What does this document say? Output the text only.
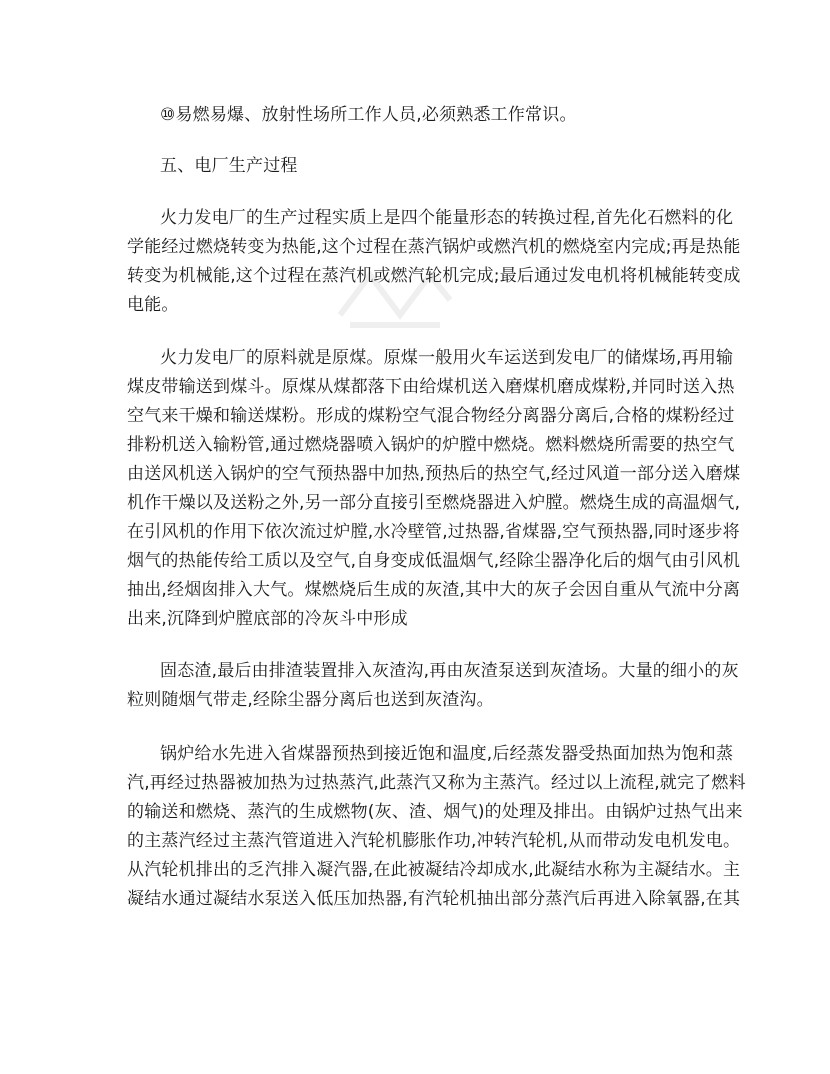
⑩易燃易爆、放射性场所工作人员,必须熟悉工作常识。
五、电厂生产过程
火力发电厂的生产过程实质上是四个能量形态的转换过程,首先化石燃料的化
学能经过燃烧转变为热能,这个过程在蒸汽锅炉或燃汽机的燃烧室内完成;再是热能
转变为机械能,这个过程在蒸汽机或燃汽轮机完成;最后通过发电机将机械能转变成
电能。
火力发电厂的原料就是原煤。原煤一般用火车运送到发电厂的储煤场,再用输
煤皮带输送到煤斗。原煤从煤都落下由给煤机送入磨煤机磨成煤粉,并同时送入热
空气来干燥和输送煤粉。形成的煤粉空气混合物经分离器分离后,合格的煤粉经过
排粉机送入输粉管,通过燃烧器喷入锅炉的炉膛中燃烧。燃料燃烧所需要的热空气
由送风机送入锅炉的空气预热器中加热,预热后的热空气,经过风道一部分送入磨煤
机作干燥以及送粉之外,另一部分直接引至燃烧器进入炉膛。燃烧生成的高温烟气,
在引风机的作用下依次流过炉膛,水冷壁管,过热器,省煤器,空气预热器,同时逐步将
烟气的热能传给工质以及空气,自身变成低温烟气,经除尘器净化后的烟气由引风机
抽出,经烟囱排入大气。煤燃烧后生成的灰渣,其中大的灰子会因自重从气流中分离
出来,沉降到炉膛底部的冷灰斗中形成
固态渣,最后由排渣装置排入灰渣沟,再由灰渣泵送到灰渣场。大量的细小的灰
粒则随烟气带走,经除尘器分离后也送到灰渣沟。
锅炉给水先进入省煤器预热到接近饱和温度,后经蒸发器受热面加热为饱和蒸
汽,再经过热器被加热为过热蒸汽,此蒸汽又称为主蒸汽。经过以上流程,就完了燃料
的输送和燃烧、蒸汽的生成燃物(灰、渣、烟气)的处理及排出。由锅炉过热气出来
的主蒸汽经过主蒸汽管道进入汽轮机膨胀作功,冲转汽轮机,从而带动发电机发电。
从汽轮机排出的乏汽排入凝汽器,在此被凝结冷却成水,此凝结水称为主凝结水。主
凝结水通过凝结水泵送入低压加热器,有汽轮机抽出部分蒸汽后再进入除氧器,在其
